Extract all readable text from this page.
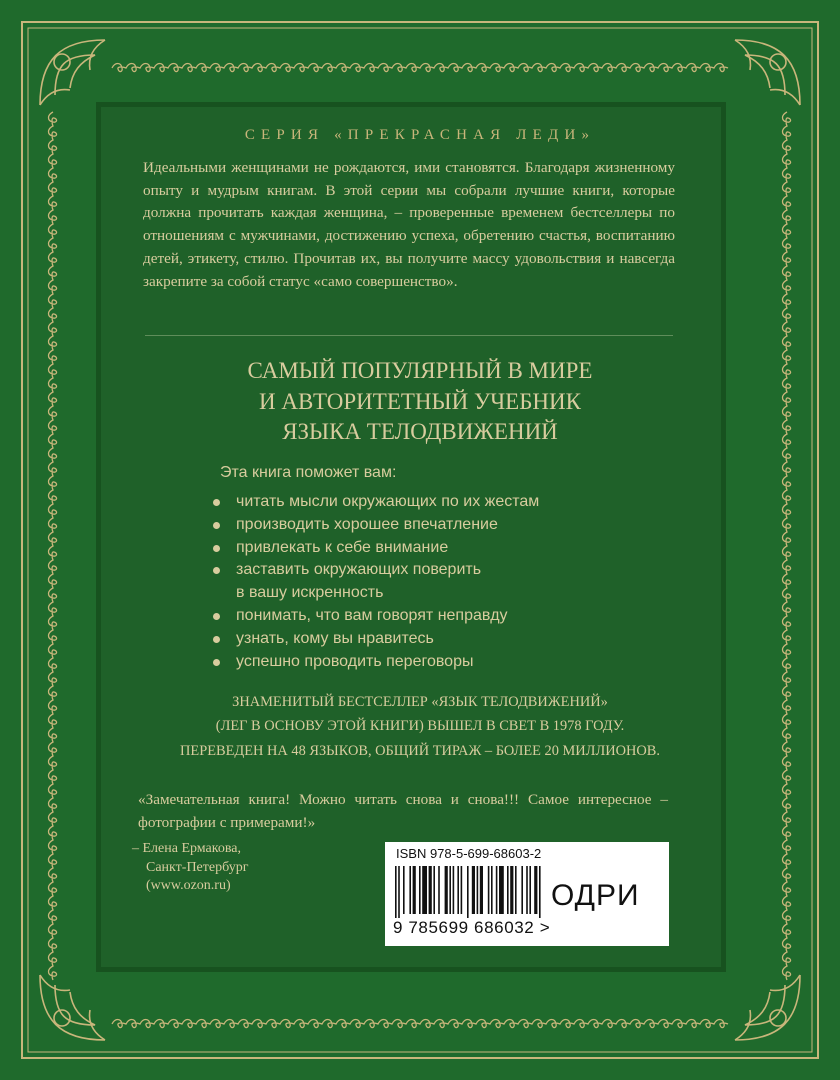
СЕРИЯ «ПРЕКРАСНАЯ ЛЕДИ»
Идеальными женщинами не рождаются, ими становятся. Благодаря жизненному опыту и мудрым книгам. В этой серии мы собрали лучшие книги, которые должна прочитать каждая женщина, – проверенные временем бестселлеры по отношениям с мужчинами, достижению успеха, обретению счастья, воспитанию детей, этикету, стилю. Прочитав их, вы получите массу удовольствия и навсегда закрепите за собой статус «само совершенство».
САМЫЙ ПОПУЛЯРНЫЙ В МИРЕ
И АВТОРИТЕТНЫЙ УЧЕБНИК
ЯЗЫКА ТЕЛОДВИЖЕНИЙ
Эта книга поможет вам:
читать мысли окружающих по их жестам
производить хорошее впечатление
привлекать к себе внимание
заставить окружающих поверить
в вашу искренность
понимать, что вам говорят неправду
узнать, кому вы нравитесь
успешно проводить переговоры
ЗНАМЕНИТЫЙ БЕСТСЕЛЛЕР «ЯЗЫК ТЕЛОДВИЖЕНИЙ»
(ЛЕГ В ОСНОВУ ЭТОЙ КНИГИ) ВЫШЕЛ В СВЕТ В 1978 ГОДУ.
ПЕРЕВЕДЕН НА 48 ЯЗЫКОВ, ОБЩИЙ ТИРАЖ – БОЛЕЕ 20 МИЛЛИОНОВ.
«Замечательная книга! Можно читать снова и снова!!! Самое интересное – фотографии с примерами!»
– Елена Ермакова,
Санкт-Петербург
(www.ozon.ru)
ISBN 978-5-699-68603-2
9 785699 686032 >
ОДРИ
